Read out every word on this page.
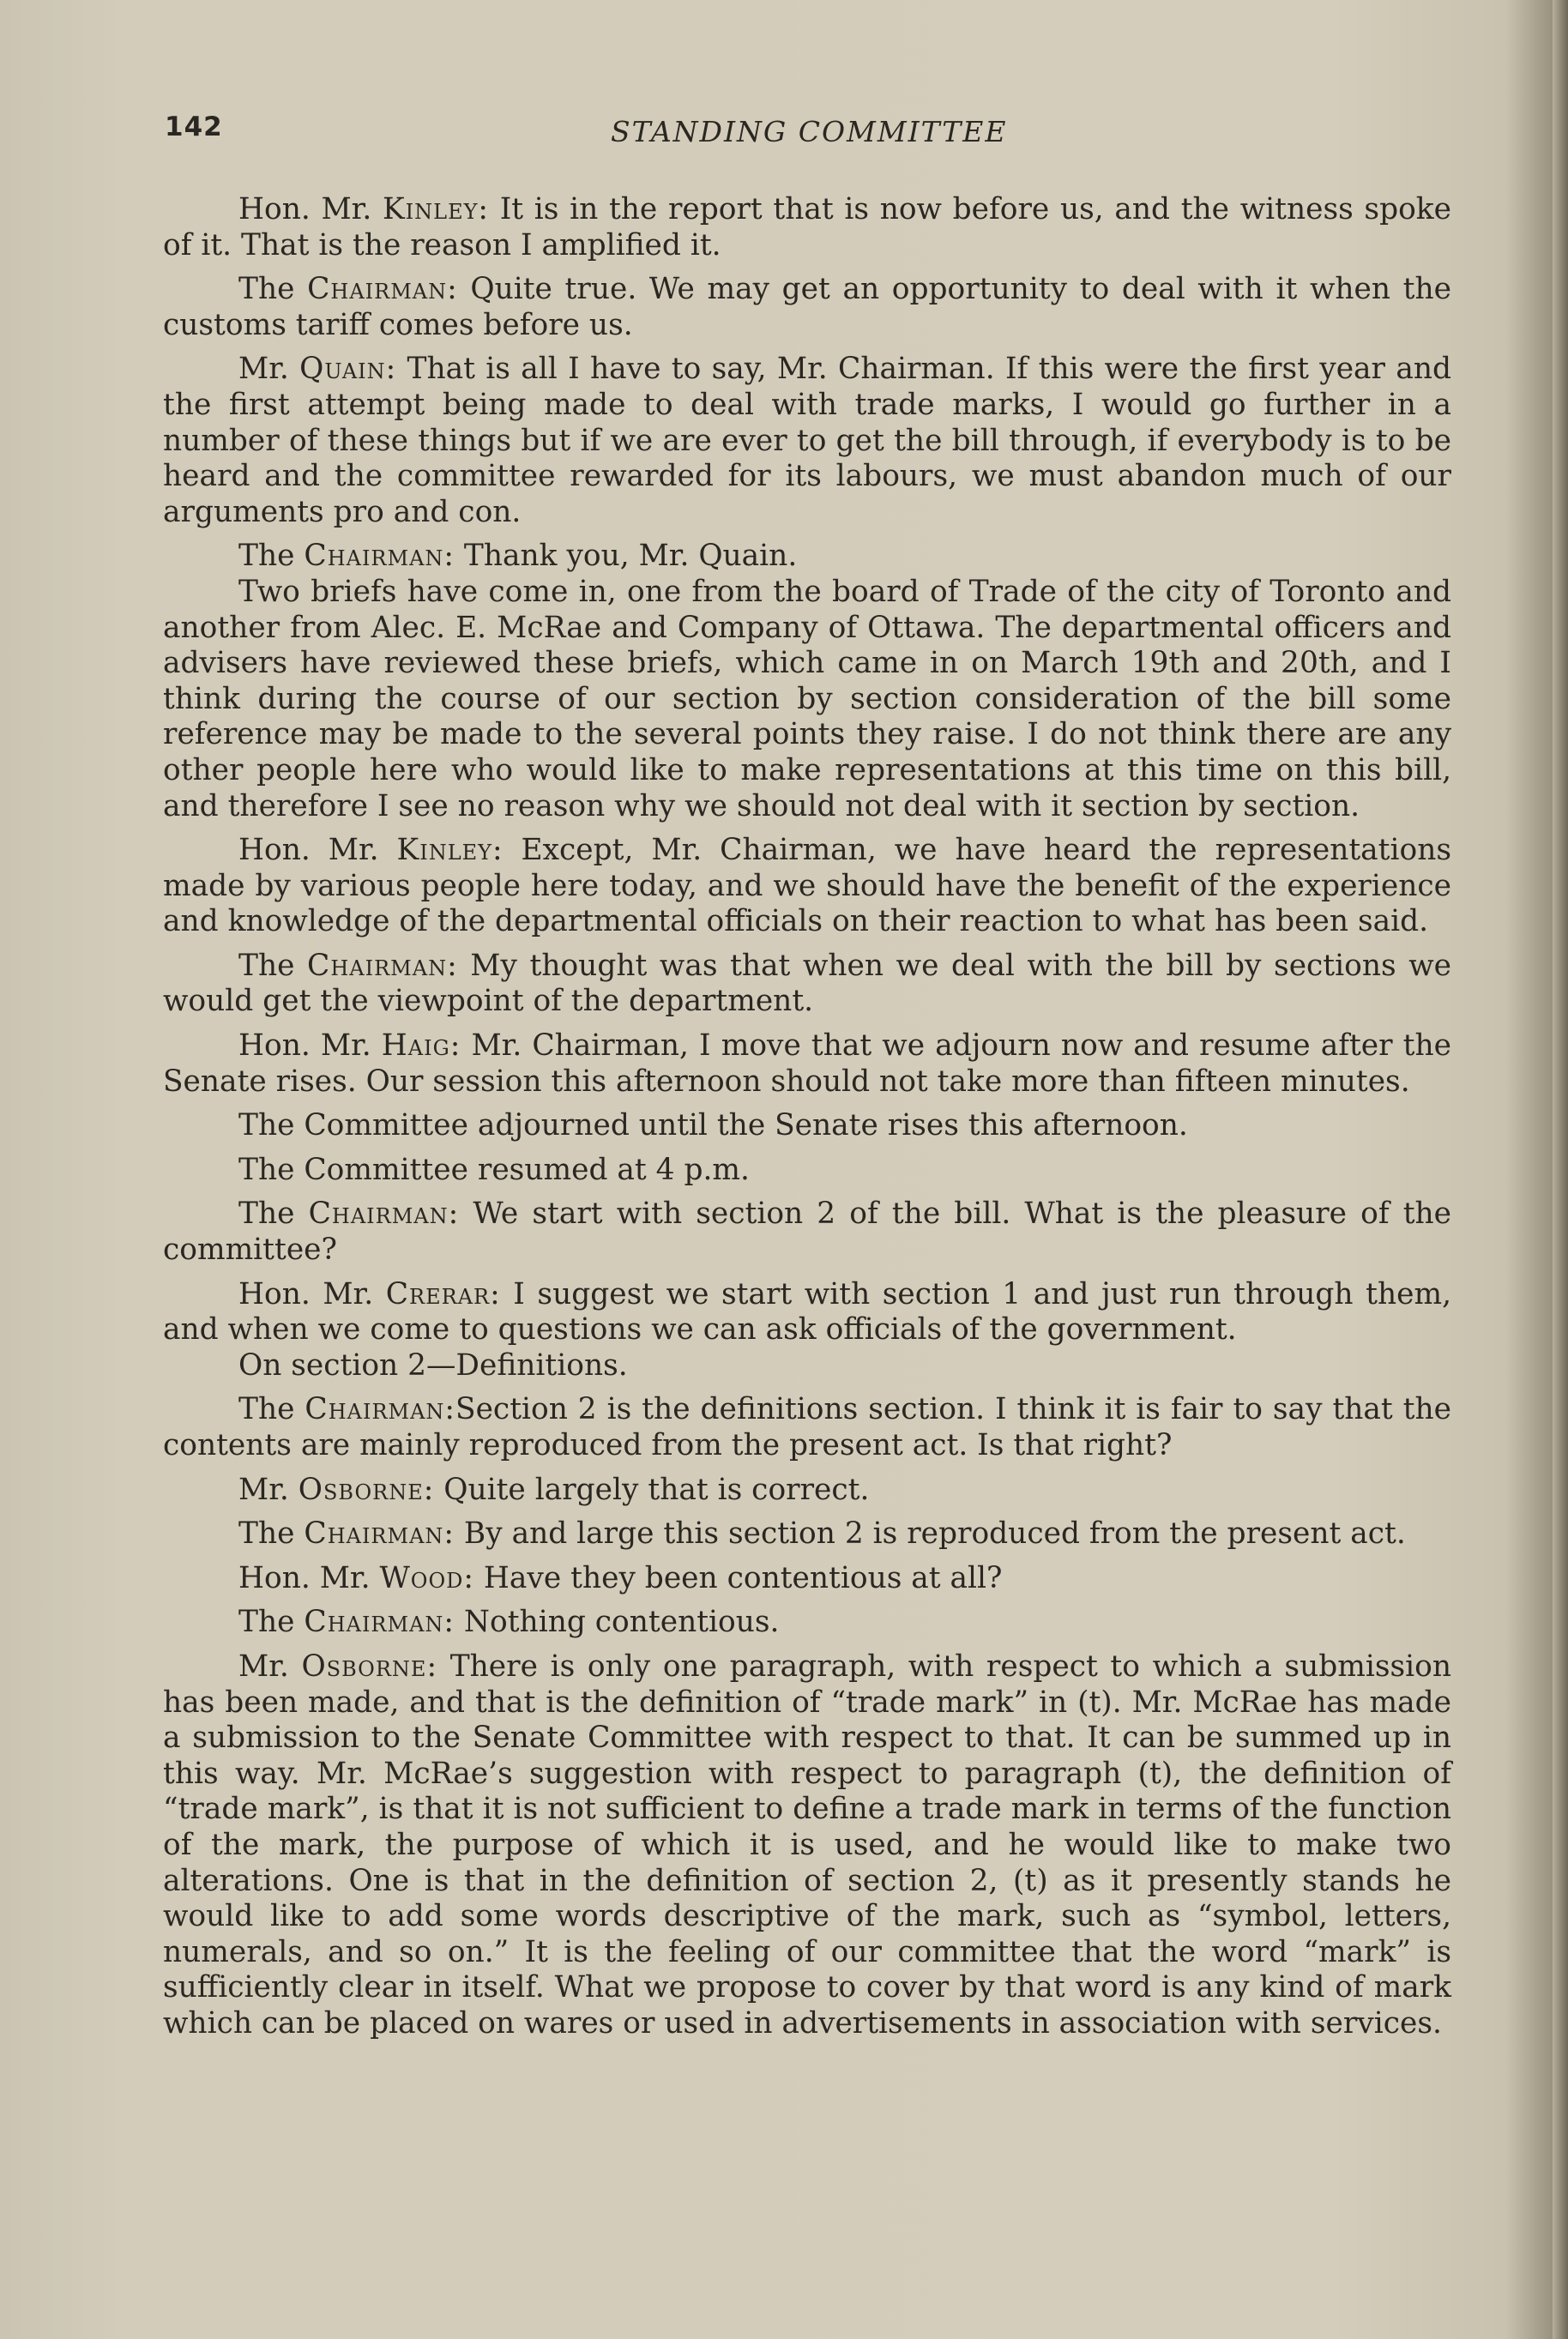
142	STANDING COMMITTEE

Hon. Mr. Kinley: It is in the report that is now before us, and the witness spoke of it. That is the reason I amplified it.

The Chairman: Quite true. We may get an opportunity to deal with it when the customs tariff comes before us.

Mr. Quain: That is all I have to say, Mr. Chairman. If this were the first year and the first attempt being made to deal with trade marks, I would go further in a number of these things but if we are ever to get the bill through, if everybody is to be heard and the committee rewarded for its labours, we must abandon much of our arguments pro and con.

The Chairman: Thank you, Mr. Quain.

Two briefs have come in, one from the board of Trade of the city of Toronto and another from Alec. E. McRae and Company of Ottawa. The departmental officers and advisers have reviewed these briefs, which came in on March 19th and 20th, and I think during the course of our section by section consideration of the bill some reference may be made to the several points they raise. I do not think there are any other people here who would like to make representations at this time on this bill, and therefore I see no reason why we should not deal with it section by section.

Hon. Mr. Kinley: Except, Mr. Chairman, we have heard the representations made by various people here today, and we should have the benefit of the experience and knowledge of the departmental officials on their reaction to what has been said.

The Chairman: My thought was that when we deal with the bill by sections we would get the viewpoint of the department.

Hon. Mr. Haig: Mr. Chairman, I move that we adjourn now and resume after the Senate rises. Our session this afternoon should not take more than fifteen minutes.

The Committee adjourned until the Senate rises this afternoon.

The Committee resumed at 4 p.m.

The Chairman: We start with section 2 of the bill. What is the pleasure of the committee?

Hon. Mr. Crerar: I suggest we start with section 1 and just run through them, and when we come to questions we can ask officials of the government.

On section 2—Definitions.

The Chairman:Section 2 is the definitions section. I think it is fair to say that the contents are mainly reproduced from the present act. Is that right?

Mr. Osborne: Quite largely that is correct.

The Chairman: By and large this section 2 is reproduced from the present act.

Hon. Mr. Wood: Have they been contentious at all?

The Chairman: Nothing contentious.

Mr. Osborne: There is only one paragraph, with respect to which a submission has been made, and that is the definition of “trade mark” in (t). Mr. McRae has made a submission to the Senate Committee with respect to that. It can be summed up in this way. Mr. McRae’s suggestion with respect to paragraph (t), the definition of “trade mark”, is that it is not sufficient to define a trade mark in terms of the function of the mark, the purpose of which it is used, and he would like to make two alterations. One is that in the definition of section 2, (t) as it presently stands he would like to add some words descriptive of the mark, such as “symbol, letters, numerals, and so on.” It is the feeling of our committee that the word “mark” is sufficiently clear in itself. What we propose to cover by that word is any kind of mark which can be placed on wares or used in advertisements in association with services.
